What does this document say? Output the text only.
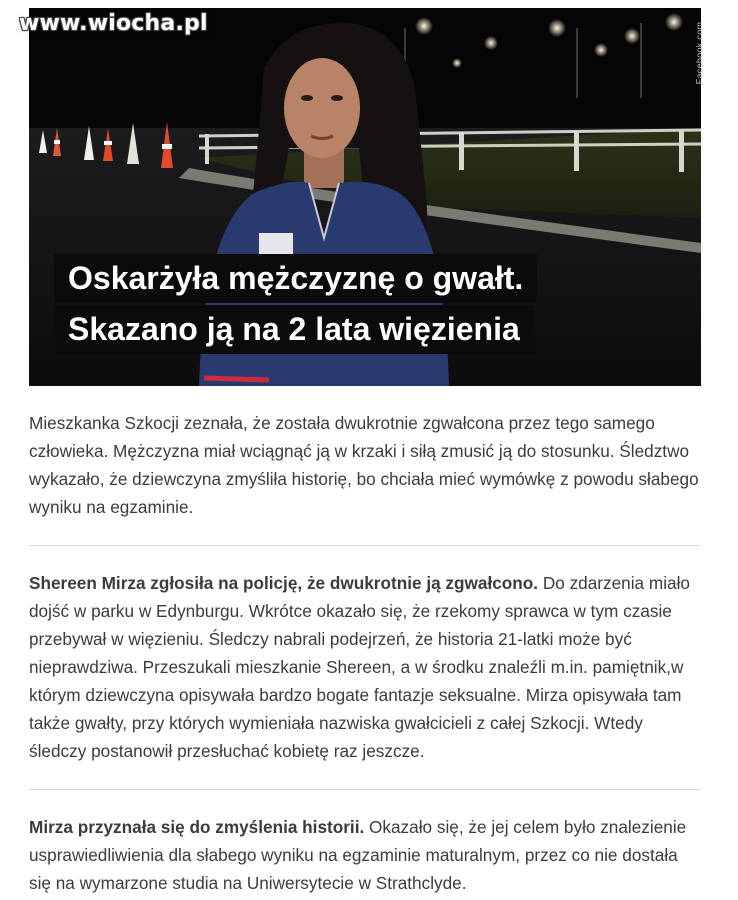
www.wiocha.pl	Facebook.com
Oskarżyła mężczyznę o gwałt.
Skazano ją na 2 lata więzienia
Mieszkanka Szkocji zeznała, że została dwukrotnie zgwałcona przez tego samego człowieka. Mężczyzna miał wciągnąć ją w krzaki i siłą zmusić ją do stosunku. Śledztwo wykazało, że dziewczyna zmyśliła historię, bo chciała mieć wymówkę z powodu słabego wyniku na egzaminie.
Shereen Mirza zgłosiła na policję, że dwukrotnie ją zgwałcono. Do zdarzenia miało dojść w parku w Edynburgu. Wkrótce okazało się, że rzekomy sprawca w tym czasie przebywał w więzieniu. Śledczy nabrali podejrzeń, że historia 21-latki może być nieprawdziwa. Przeszukali mieszkanie Shereen, a w środku znaleźli m.in. pamiętnik,w którym dziewczyna opisywała bardzo bogate fantazje seksualne. Mirza opisywała tam także gwałty, przy których wymieniała nazwiska gwałcicieli z całej Szkocji. Wtedy śledczy postanowił przesłuchać kobietę raz jeszcze.
Mirza przyznała się do zmyślenia historii. Okazało się, że jej celem było znalezienie usprawiedliwienia dla słabego wyniku na egzaminie maturalnym, przez co nie dostała się na wymarzone studia na Uniwersytecie w Strathclyde.
